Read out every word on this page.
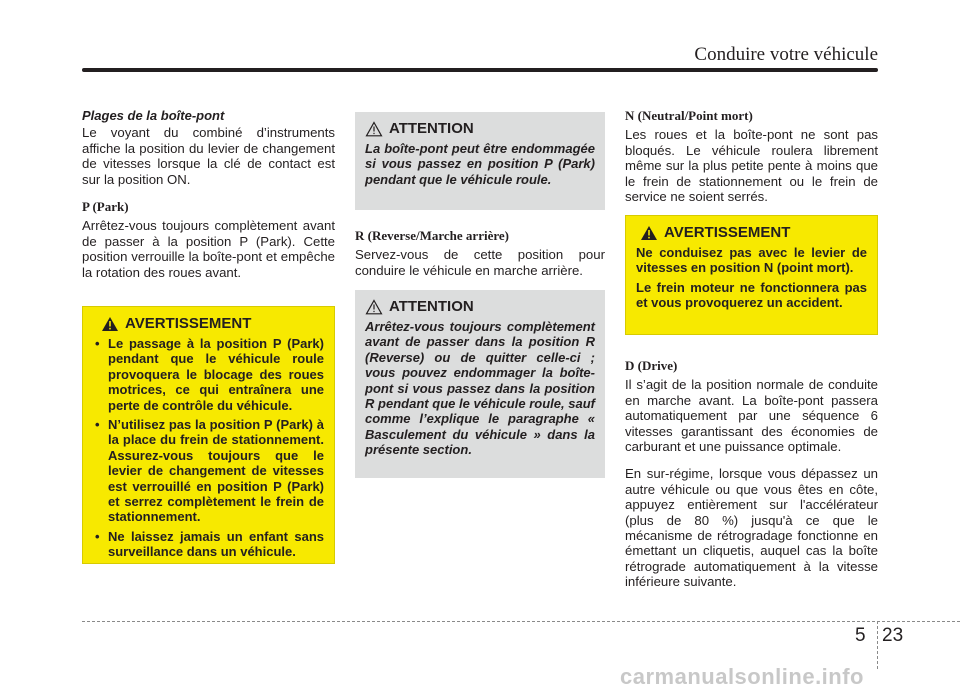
Conduire votre véhicule

Plages de la boîte-pont

Le voyant du combiné d’instruments affiche la position du levier de changement de vitesses lorsque la clé de contact est sur la position ON.

P (Park)

Arrêtez-vous toujours complètement avant de passer à la position P (Park). Cette position verrouille la boîte-pont et empêche la rotation des roues avant.

AVERTISSEMENT
• Le passage à la position P (Park) pendant que le véhicule roule provoquera le blocage des roues motrices, ce qui entraînera une perte de contrôle du véhicule.
• N’utilisez pas la position P (Park) à la place du frein de stationnement. Assurez-vous toujours que le levier de changement de vitesses est verrouillé en position P (Park) et serrez complètement le frein de stationnement.
• Ne laissez jamais un enfant sans surveillance dans un véhicule.
ATTENTION
La boîte-pont peut être endommagée si vous passez en position P (Park) pendant que le véhicule roule.

R (Reverse/Marche arrière)

Servez-vous de cette position pour conduire le véhicule en marche arrière.

ATTENTION
Arrêtez-vous toujours complètement avant de passer dans la position R (Reverse) ou de quitter celle-ci ; vous pouvez endommager la boîte-pont si vous passez dans la position R pendant que le véhicule roule, sauf comme l’explique le paragraphe « Basculement du véhicule » dans la présente section.

N (Neutral/Point mort)

Les roues et la boîte-pont ne sont pas bloqués. Le véhicule roulera librement même sur la plus petite pente à moins que le frein de stationnement ou le frein de service ne soient serrés.

AVERTISSEMENT
Ne conduisez pas avec le levier de vitesses en position N (point mort).
Le frein moteur ne fonctionnera pas et vous provoquerez un accident.

D (Drive)

Il s’agit de la position normale de conduite en marche avant. La boîte-pont passera automatiquement par une séquence 6 vitesses garantissant des économies de carburant et une puissance optimale.

En sur-régime, lorsque vous dépassez un autre véhicule ou que vous êtes en côte, appuyez entièrement sur l'accélérateur (plus de 80 %) jusqu'à ce que le mécanisme de rétrogradage fonctionne en émettant un cliquetis, auquel cas la boîte rétrograde automatiquement à la vitesse inférieure suivante.

5 23
carmanualsonline.info
